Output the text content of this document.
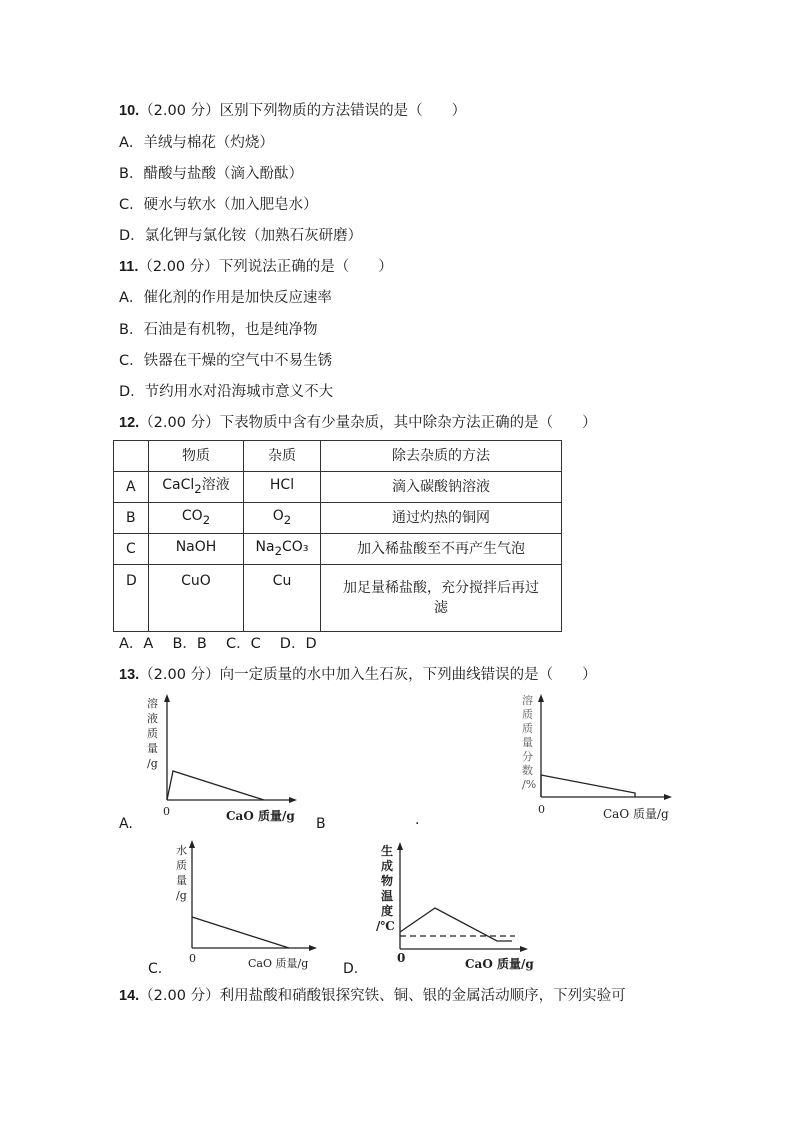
10.（2.00 分）区别下列物质的方法错误的是（　　）
A．羊绒与棉花（灼烧）
B．醋酸与盐酸（滴入酚酞）
C．硬水与软水（加入肥皂水）
D．氯化钾与氯化铵（加熟石灰研磨）
11.（2.00 分）下列说法正确的是（　　）
A．催化剂的作用是加快反应速率
B．石油是有机物，也是纯净物
C．铁器在干燥的空气中不易生锈
D．节约用水对沿海城市意义不大
12.（2.00 分）下表物质中含有少量杂质，其中除杂方法正确的是（　　）
	物质	杂质	除去杂质的方法
A	CaCl$_2$溶液	HCl	滴入碳酸钠溶液

B	$CO_2$	$O_2$	通过灼热的铜网

C	NaOH	$Na_2CO_3$	加入稀盐酸至不再产生气泡

D	CuO	Cu	加足量稀盐酸，充分搅拌后再过
滤
A．A　 B．B　 C．C　 D．D
13.（2.00 分）向一定质量的水中加入生石灰，下列曲线错误的是（　　）
溶
液
质
量
/g
0	CaO 质量/g
A.	B	.
溶
质
质
量
分
数
/%
0	CaO 质量/g
水
质
量
/g
0	CaO 质量/g
C.
生
成
物
温
度
/℃
0	CaO 质量/g
D.
14.（2.00 分）利用盐酸和硝酸银探究铁、铜、银的金属活动顺序，下列实验可
